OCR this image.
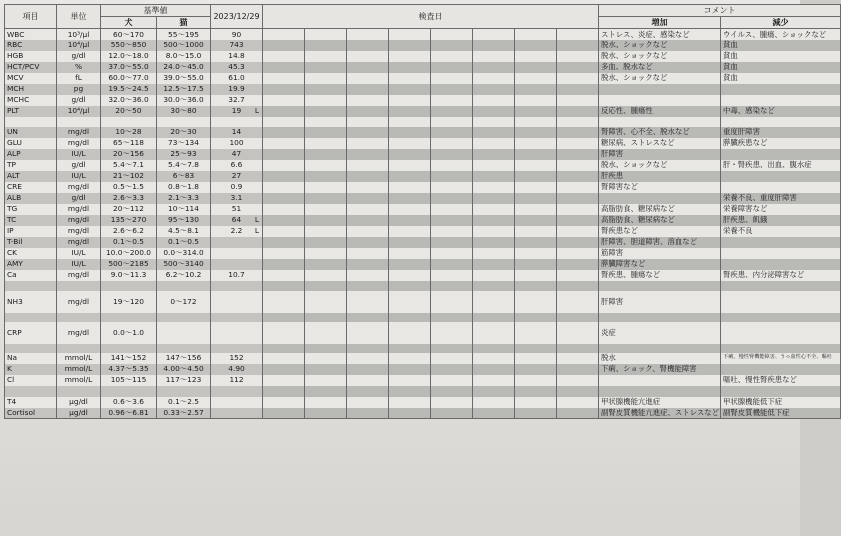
項目	単位	基準値		2023/12/29	検査日								コメント	
		犬	猫										増加	減少
WBC	10³/μl	60～170	55～195	90									ストレス、炎症、感染など	ウイルス、腫瘍、ショックなど
RBC	10⁴/μl	550～850	500～1000	743									脱水、ショックなど	貧血
HGB	g/dl	12.0～18.0	8.0～15.0	14.8									脱水、ショックなど	貧血
HCT/PCV	%	37.0～55.0	24.0～45.0	45.3									多血、脱水など	貧血
MCV	fL	60.0～77.0	39.0～55.0	61.0									脱水、ショックなど	貧血
MCH	pg	19.5～24.5	12.5～17.5	19.9

MCHC	g/dl	32.0～36.0	30.0～36.0	32.7

PLT	10⁴/μl	20～50	30～80	19 L									反応性、腫瘍性	中毒、感染など

UN	mg/dl	10～28	20～30	14									腎障害、心不全、脱水など	重度肝障害
GLU	mg/dl	65～118	73～134	100									糖尿病、ストレスなど	膵臓疾患など
ALP	IU/L	20～156	25～93	47									肝障害	
TP	g/dl	5.4～7.1	5.4～7.8	6.6									脱水、ショックなど	肝・腎疾患、出血、腹水症
ALT	IU/L	21～102	6～83	27									肝疾患	
CRE	mg/dl	0.5～1.5	0.8～1.8	0.9									腎障害など	
ALB	g/dl	2.6～3.3	2.1～3.3	3.1										栄養不良、重度肝障害
TG	mg/dl	20～112	10～114	51									高脂肪食、糖尿病など	栄養障害など
TC	mg/dl	135～270	95～130	64 L									高脂肪食、糖尿病など	肝疾患、飢餓
IP	mg/dl	2.6～6.2	4.5～8.1	2.2 L									腎疾患など	栄養不良
T-Bil	mg/dl	0.1～0.5	0.1～0.5										肝障害、胆道障害、溶血など	
CK	IU/L	10.0～200.0	0.0～314.0										筋障害	
AMY	IU/L	500～2185	500～3140										膵臓障害など	
Ca	mg/dl	9.0～11.3	6.2～10.2	10.7									腎疾患、腫瘍など	腎疾患、内分泌障害など

NH3	mg/dl	19～120	0～172										肝障害	

CRP	mg/dl	0.0～1.0											炎症	

Na	mmol/L	141～152	147～156	152									脱水	下痢、慢性腎機能障害、うっ血性心不全、嘔吐
K	mmol/L	4.37～5.35	4.00～4.50	4.90									下痢、ショック、腎機能障害	
Cl	mmol/L	105～115	117～123	112										嘔吐、慢性腎疾患など

T4	μg/dl	0.6～3.6	0.1～2.5										甲状腺機能亢進症	甲状腺機能低下症
Cortisol	μg/dl	0.96～6.81	0.33～2.57										副腎皮質機能亢進症、ストレスなど	副腎皮質機能低下症
